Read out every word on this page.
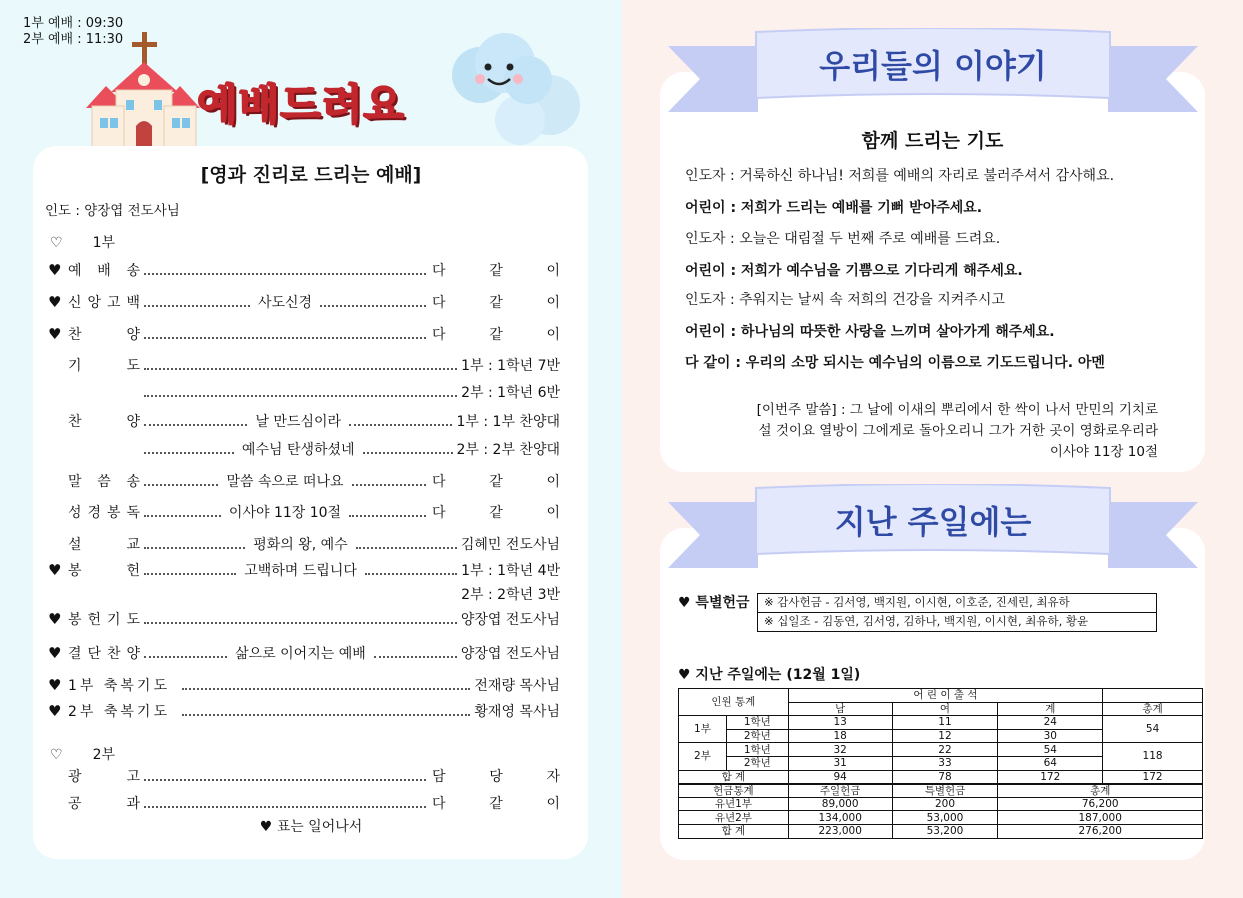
1부 예배 : 09:30
2부 예배 : 11:30
예배드려요
[영과 진리로 드리는 예배]
인도 : 양장엽 전도사님
♡ 1부
♥ 예 배 송	다	같	이
♥ 신 앙 고 백	사도신경	다	같	이
♥ 찬	양	다	같	이
기	도	1부 : 1학년 7반

2부 : 1학년 6반
찬	양	날 만드심이라	1부 : 1부 찬양대

예수님 탄생하셨네	2부 : 2부 찬양대
말 씀 송	말씀 속으로 떠나요	다	같	이
성 경 봉 독	이사야 11장 10절	다	같	이
설	교	평화의 왕, 예수	김혜민 전도사님
♥ 봉	헌	고백하며 드립니다	1부 : 1학년 4반

2부 : 2학년 3반
♥ 봉 헌 기 도	양장엽 전도사님
♥ 결 단 찬 양	삶으로 이어지는 예배	양장엽 전도사님
♥ 1부 축복기도	전재량 목사님
♥ 2부 축복기도	황재영 목사님
광	고	담	당	자
공	과	다	같	이
♡ 2부
♥ 표는 일어나서
우리들의 이야기
지난 주일에는
함께 드리는 기도
인도자 : 거룩하신 하나님! 저희를 예배의 자리로 불러주셔서 감사해요.
어린이 : 저희가 드리는 예배를 기뻐 받아주세요.
인도자 : 오늘은 대림절 두 번째 주로 예배를 드려요.
어린이 : 저희가 예수님을 기쁨으로 기다리게 해주세요.
인도자 : 추워지는 날씨 속 저희의 건강을 지켜주시고
어린이 : 하나님의 따뜻한 사랑을 느끼며 살아가게 해주세요.
다 같이 : 우리의 소망 되시는 예수님의 이름으로 기도드립니다. 아멘
[이번주 말씀] : 그 날에 이새의 뿌리에서 한 싹이 나서 만민의 기치로
설 것이요 열방이 그에게로 돌아오리니 그가 거한 곳이 영화로우리라
이사야 11장 10절
♥ 특별헌금	※ 감사헌금 - 김서영, 백지원, 이시현, 이호준, 진세린, 최유하
※ 십일조 - 김동연, 김서영, 김하나, 백지원, 이시현, 최유하, 황윤
♥ 지난 주일에는 (12월 1일)
인원 통계		어 린 이 출 석			
		남	여	계	총계
1부	1학년	13	11	24	54
	2학년	18	12	30	
2부	1학년	32	22	54	118
	2학년	31	33	64	
합 계		94	78	172	172
헌금통계		주일헌금	특별헌금	총계	
유년1부		89,000	200	76,200	
유년2부		134,000	53,000	187,000	
합 계		223,000	53,200	276,200	
